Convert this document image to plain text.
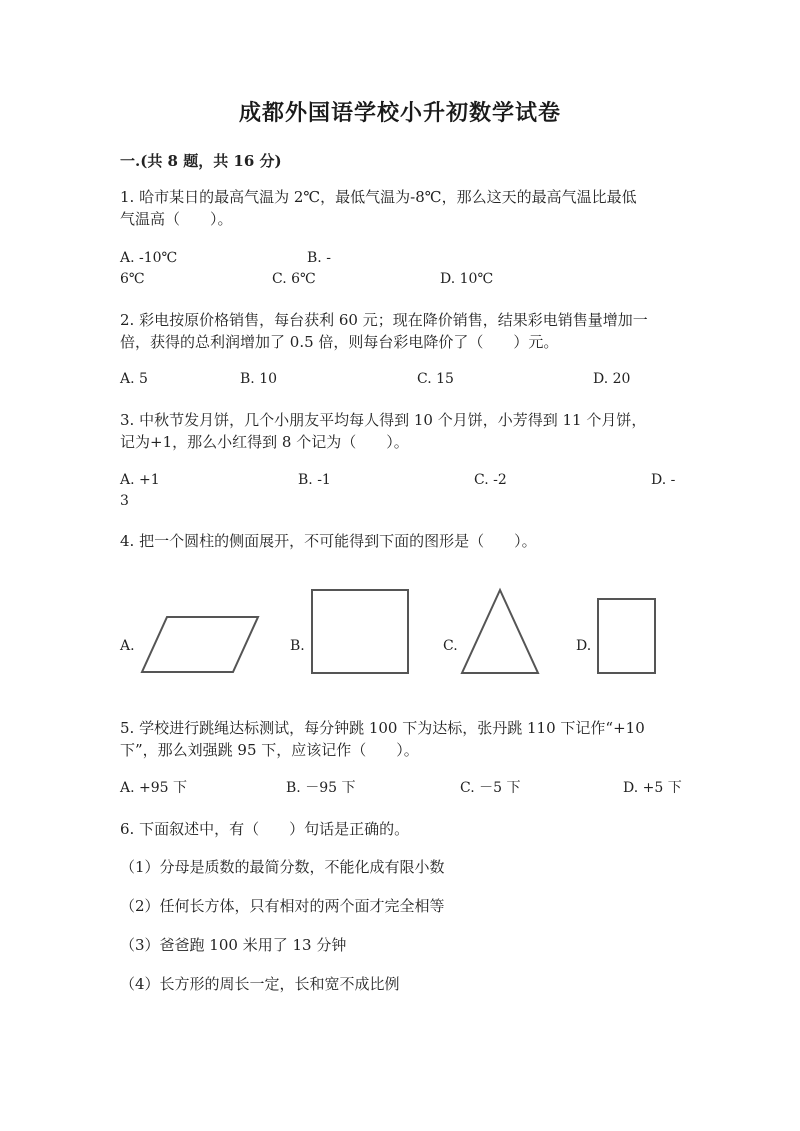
成都外国语学校小升初数学试卷
一.(共 8 题，共 16 分)
1. 哈市某日的最高气温为 2℃，最低气温为-8℃，那么这天的最高气温比最低
气温高（　　）。
A. -10℃	B. -
6℃	C. 6℃	D. 10℃
2. 彩电按原价格销售，每台获利 60 元；现在降价销售，结果彩电销售量增加一
倍，获得的总利润增加了 0.5 倍，则每台彩电降价了（　　）元。
A. 5	B. 10	C. 15	D. 20
3. 中秋节发月饼，几个小朋友平均每人得到 10 个月饼，小芳得到 11 个月饼，
记为+1，那么小红得到 8 个记为（　　）。
A. +1	B. -1	C. -2	D. -
3
4. 把一个圆柱的侧面展开，不可能得到下面的图形是（　　）。
A.	B.	C.	D.
5. 学校进行跳绳达标测试，每分钟跳 100 下为达标，张丹跳 110 下记作“+10
下”，那么刘强跳 95 下，应该记作（　　）。
A. +95 下	B. －95 下	C. －5 下	D. +5 下
6. 下面叙述中，有（　　）句话是正确的。
（1）分母是质数的最简分数，不能化成有限小数
（2）任何长方体，只有相对的两个面才完全相等
（3）爸爸跑 100 米用了 13 分钟
（4）长方形的周长一定，长和宽不成比例
